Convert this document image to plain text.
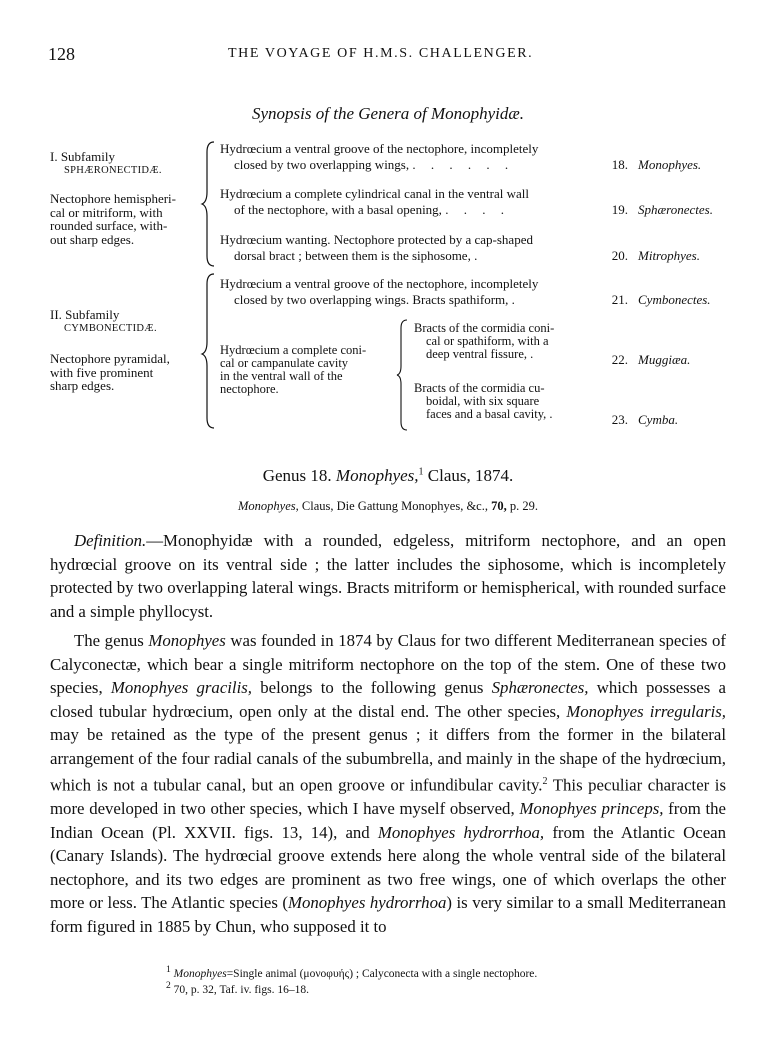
128	THE VOYAGE OF H.M.S. CHALLENGER.
Synopsis of the Genera of Monophyidæ.
I. Subfamily
SPHÆRONECTIDÆ.
Nectophore hemispheri-
cal or mitriform, with
rounded surface, with-
out sharp edges.
II. Subfamily
CYMBONECTIDÆ.
Nectophore pyramidal,
with five prominent
sharp edges.
Hydrœcium a ventral groove of the nectophore, incompletely
closed by two overlapping wings, . . . . . .	18. Monophyes.
Hydrœcium a complete cylindrical canal in the ventral wall
of the nectophore, with a basal opening, . . . .	19. Sphæronectes.
Hydrœcium wanting. Nectophore protected by a cap-shaped
dorsal bract ; between them is the siphosome, .	20. Mitrophyes.
Hydrœcium a ventral groove of the nectophore, incompletely
closed by two overlapping wings. Bracts spathiform, .	21. Cymbonectes.
Hydrœcium a complete coni-
cal or campanulate cavity
in the ventral wall of the
nectophore.
Bracts of the cormidia coni-
cal or spathiform, with a
deep ventral fissure, .	22. Muggiæa.
Bracts of the cormidia cu-
boidal, with six square
faces and a basal cavity, .	23. Cymba.
Genus 18. Monophyes,$^1$ Claus, 1874.
Monophyes, Claus, Die Gattung Monophyes, &c., 70, p. 29.

Definition.—Monophyidæ with a rounded, edgeless, mitriform nectophore, and an open hydrœcial groove on its ventral side ; the latter includes the siphosome, which is incompletely protected by two overlapping lateral wings. Bracts mitriform or hemispherical, with rounded surface and a simple phyllocyst.

The genus Monophyes was founded in 1874 by Claus for two different Mediterranean species of Calyconectæ, which bear a single mitriform nectophore on the top of the stem. One of these two species, Monophyes gracilis, belongs to the following genus Sphæronectes, which possesses a closed tubular hydrœcium, open only at the distal end. The other species, Monophyes irregularis, may be retained as the type of the present genus ; it differs from the former in the bilateral arrangement of the four radial canals of the subumbrella, and mainly in the shape of the hydrœcium, which is not a tubular canal, but an open groove or infundibular cavity.$^2$ This peculiar character is more developed in two other species, which I have myself observed, Monophyes princeps, from the Indian Ocean (Pl. XXVII. figs. 13, 14), and Monophyes hydrorrhoa, from the Atlantic Ocean (Canary Islands). The hydrœcial groove extends here along the whole ventral side of the bilateral nectophore, and its two edges are prominent as two free wings, one of which overlaps the other more or less. The Atlantic species (Monophyes hydrorrhoa) is very similar to a small Mediterranean form figured in 1885 by Chun, who supposed it to

$^1$ Monophyes=Single animal (μονοφυής) ; Calyconecta with a single nectophore.
$^2$ 70, p. 32, Taf. iv. figs. 16–18.
